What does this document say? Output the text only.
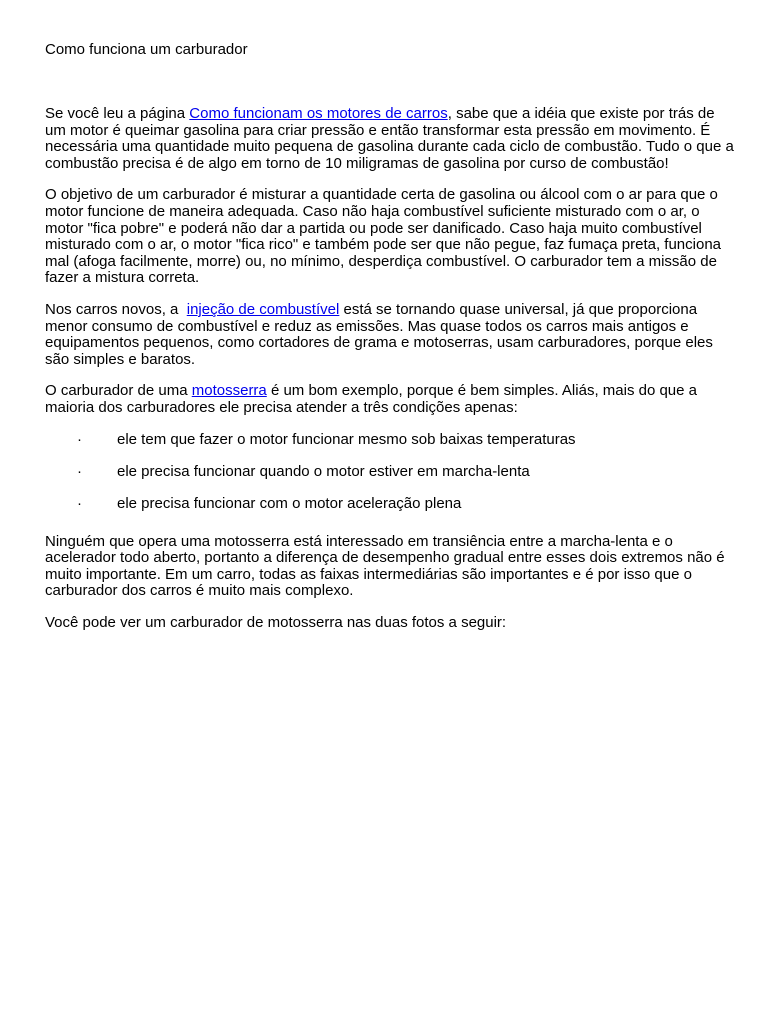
Como funciona um carburador

Se você leu a página Como funcionam os motores de carros, sabe que a idéia que existe por trás de um motor é queimar gasolina para criar pressão e então transformar esta pressão em movimento. É necessária uma quantidade muito pequena de gasolina durante cada ciclo de combustão. Tudo o que a combustão precisa é de algo em torno de 10 miligramas de gasolina por curso de combustão!

O objetivo de um carburador é misturar a quantidade certa de gasolina ou álcool com o ar para que o motor funcione de maneira adequada. Caso não haja combustível suficiente misturado com o ar, o motor "fica pobre" e poderá não dar a partida ou pode ser danificado. Caso haja muito combustível misturado com o ar, o motor "fica rico" e também pode ser que não pegue, faz fumaça preta, funciona mal (afoga facilmente, morre) ou, no mínimo, desperdiça combustível. O carburador tem a missão de fazer a mistura correta.

Nos carros novos, a  injeção de combustível está se tornando quase universal, já que proporciona menor consumo de combustível e reduz as emissões. Mas quase todos os carros mais antigos e equipamentos pequenos, como cortadores de grama e motoserras, usam carburadores, porque eles são simples e baratos.

O carburador de uma motosserra é um bom exemplo, porque é bem simples. Aliás, mais do que a maioria dos carburadores ele precisa atender a três condições apenas:

· ele tem que fazer o motor funcionar mesmo sob baixas temperaturas
· ele precisa funcionar quando o motor estiver em marcha-lenta
· ele precisa funcionar com o motor aceleração plena

Ninguém que opera uma motosserra está interessado em transiência entre a marcha-lenta e o acelerador todo aberto, portanto a diferença de desempenho gradual entre esses dois extremos não é muito importante. Em um carro, todas as faixas intermediárias são importantes e é por isso que o carburador dos carros é muito mais complexo.

Você pode ver um carburador de motosserra nas duas fotos a seguir:
